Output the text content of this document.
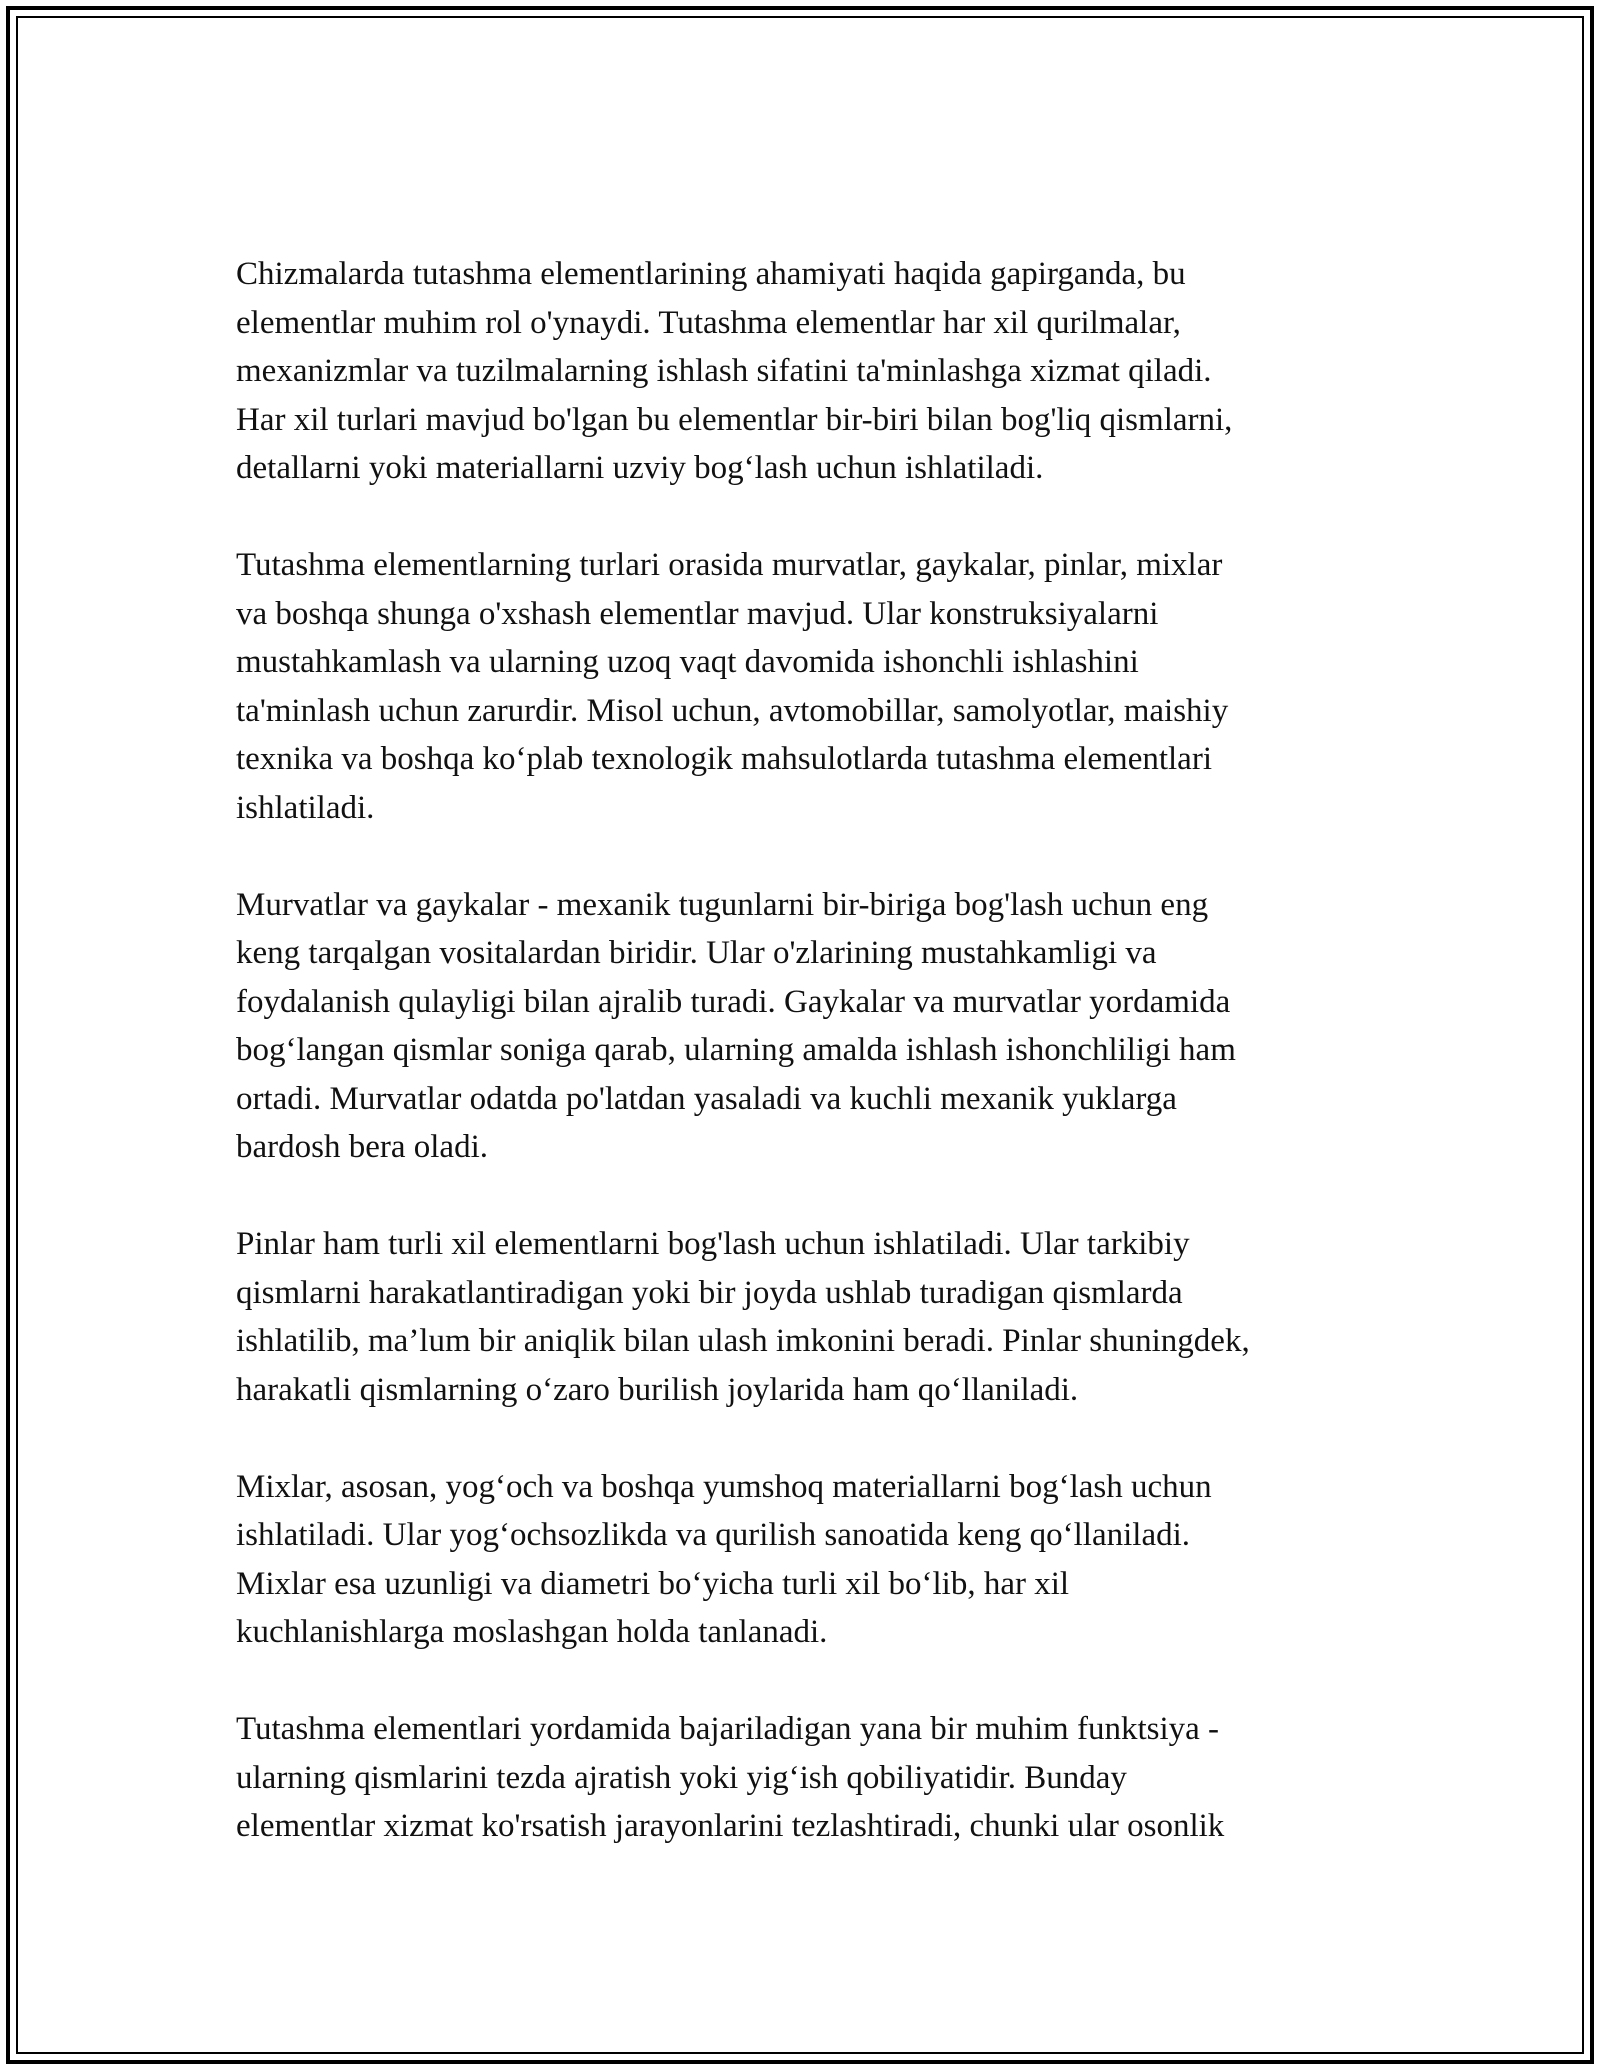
Chizmalarda tutashma elementlarining ahamiyati haqida gapirganda, bu
elementlar muhim rol o'ynaydi. Tutashma elementlar har xil qurilmalar,
mexanizmlar va tuzilmalarning ishlash sifatini ta'minlashga xizmat qiladi.
Har xil turlari mavjud bo'lgan bu elementlar bir-biri bilan bog'liq qismlarni,
detallarni yoki materiallarni uzviy bog‘lash uchun ishlatiladi.

Tutashma elementlarning turlari orasida murvatlar, gaykalar, pinlar, mixlar
va boshqa shunga o'xshash elementlar mavjud. Ular konstruksiyalarni
mustahkamlash va ularning uzoq vaqt davomida ishonchli ishlashini
ta'minlash uchun zarurdir. Misol uchun, avtomobillar, samolyotlar, maishiy
texnika va boshqa ko‘plab texnologik mahsulotlarda tutashma elementlari
ishlatiladi.

Murvatlar va gaykalar - mexanik tugunlarni bir-biriga bog'lash uchun eng
keng tarqalgan vositalardan biridir. Ular o'zlarining mustahkamligi va
foydalanish qulayligi bilan ajralib turadi. Gaykalar va murvatlar yordamida
bog‘langan qismlar soniga qarab, ularning amalda ishlash ishonchliligi ham
ortadi. Murvatlar odatda po'latdan yasaladi va kuchli mexanik yuklarga
bardosh bera oladi.

Pinlar ham turli xil elementlarni bog'lash uchun ishlatiladi. Ular tarkibiy
qismlarni harakatlantiradigan yoki bir joyda ushlab turadigan qismlarda
ishlatilib, ma’lum bir aniqlik bilan ulash imkonini beradi. Pinlar shuningdek,
harakatli qismlarning o‘zaro burilish joylarida ham qo‘llaniladi.

Mixlar, asosan, yog‘och va boshqa yumshoq materiallarni bog‘lash uchun
ishlatiladi. Ular yog‘ochsozlikda va qurilish sanoatida keng qo‘llaniladi.
Mixlar esa uzunligi va diametri bo‘yicha turli xil bo‘lib, har xil
kuchlanishlarga moslashgan holda tanlanadi.

Tutashma elementlari yordamida bajariladigan yana bir muhim funktsiya -
ularning qismlarini tezda ajratish yoki yig‘ish qobiliyatidir. Bunday
elementlar xizmat ko'rsatish jarayonlarini tezlashtiradi, chunki ular osonlik
